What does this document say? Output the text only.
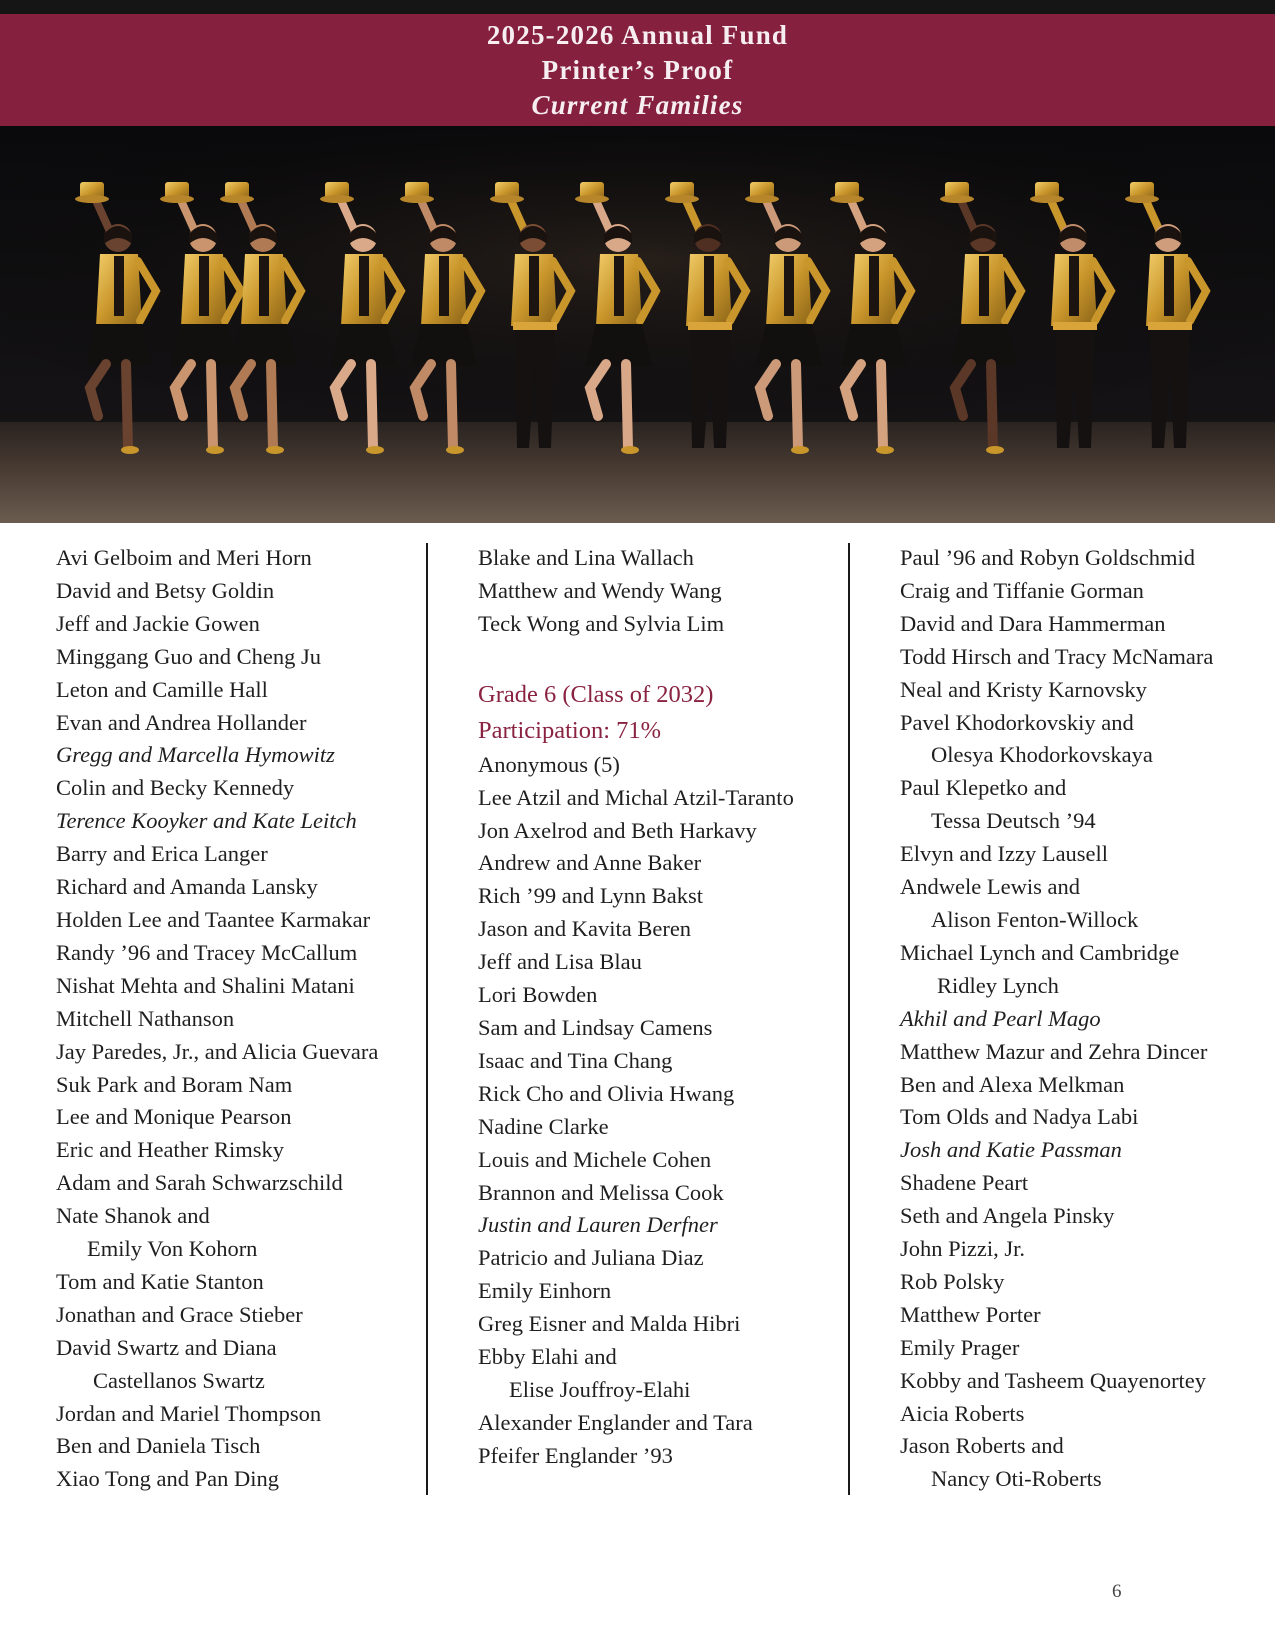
2025-2026 Annual Fund
Printer’s Proof
Current Families
Avi Gelboim and Meri Horn
David and Betsy Goldin
Jeff and Jackie Gowen
Minggang Guo and Cheng Ju
Leton and Camille Hall
Evan and Andrea Hollander
Gregg and Marcella Hymowitz
Colin and Becky Kennedy
Terence Kooyker and Kate Leitch
Barry and Erica Langer
Richard and Amanda Lansky
Holden Lee and Taantee Karmakar
Randy ’96 and Tracey McCallum
Nishat Mehta and Shalini Matani
Mitchell Nathanson
Jay Paredes, Jr., and Alicia Guevara
Suk Park and Boram Nam
Lee and Monique Pearson
Eric and Heather Rimsky
Adam and Sarah Schwarzschild
Nate Shanok and
Emily Von Kohorn
Tom and Katie Stanton
Jonathan and Grace Stieber
David Swartz and Diana
Castellanos Swartz
Jordan and Mariel Thompson
Ben and Daniela Tisch
Xiao Tong and Pan Ding
Blake and Lina Wallach
Matthew and Wendy Wang
Teck Wong and Sylvia Lim
Grade 6 (Class of 2032)
Participation: 71%
Anonymous (5)
Lee Atzil and Michal Atzil-Taranto
Jon Axelrod and Beth Harkavy
Andrew and Anne Baker
Rich ’99 and Lynn Bakst
Jason and Kavita Beren
Jeff and Lisa Blau
Lori Bowden
Sam and Lindsay Camens
Isaac and Tina Chang
Rick Cho and Olivia Hwang
Nadine Clarke
Louis and Michele Cohen
Brannon and Melissa Cook
Justin and Lauren Derfner
Patricio and Juliana Diaz
Emily Einhorn
Greg Eisner and Malda Hibri
Ebby Elahi and
Elise Jouffroy-Elahi
Alexander Englander and Tara
Pfeifer Englander ’93
Paul ’96 and Robyn Goldschmid
Craig and Tiffanie Gorman
David and Dara Hammerman
Todd Hirsch and Tracy McNamara
Neal and Kristy Karnovsky
Pavel Khodorkovskiy and
Olesya Khodorkovskaya
Paul Klepetko and
Tessa Deutsch ’94
Elvyn and Izzy Lausell
Andwele Lewis and
Alison Fenton-Willock
Michael Lynch and Cambridge
Ridley Lynch
Akhil and Pearl Mago
Matthew Mazur and Zehra Dincer
Ben and Alexa Melkman
Tom Olds and Nadya Labi
Josh and Katie Passman
Shadene Peart
Seth and Angela Pinsky
John Pizzi, Jr.
Rob Polsky
Matthew Porter
Emily Prager
Kobby and Tasheem Quayenortey
Aicia Roberts
Jason Roberts and
Nancy Oti-Roberts
6
